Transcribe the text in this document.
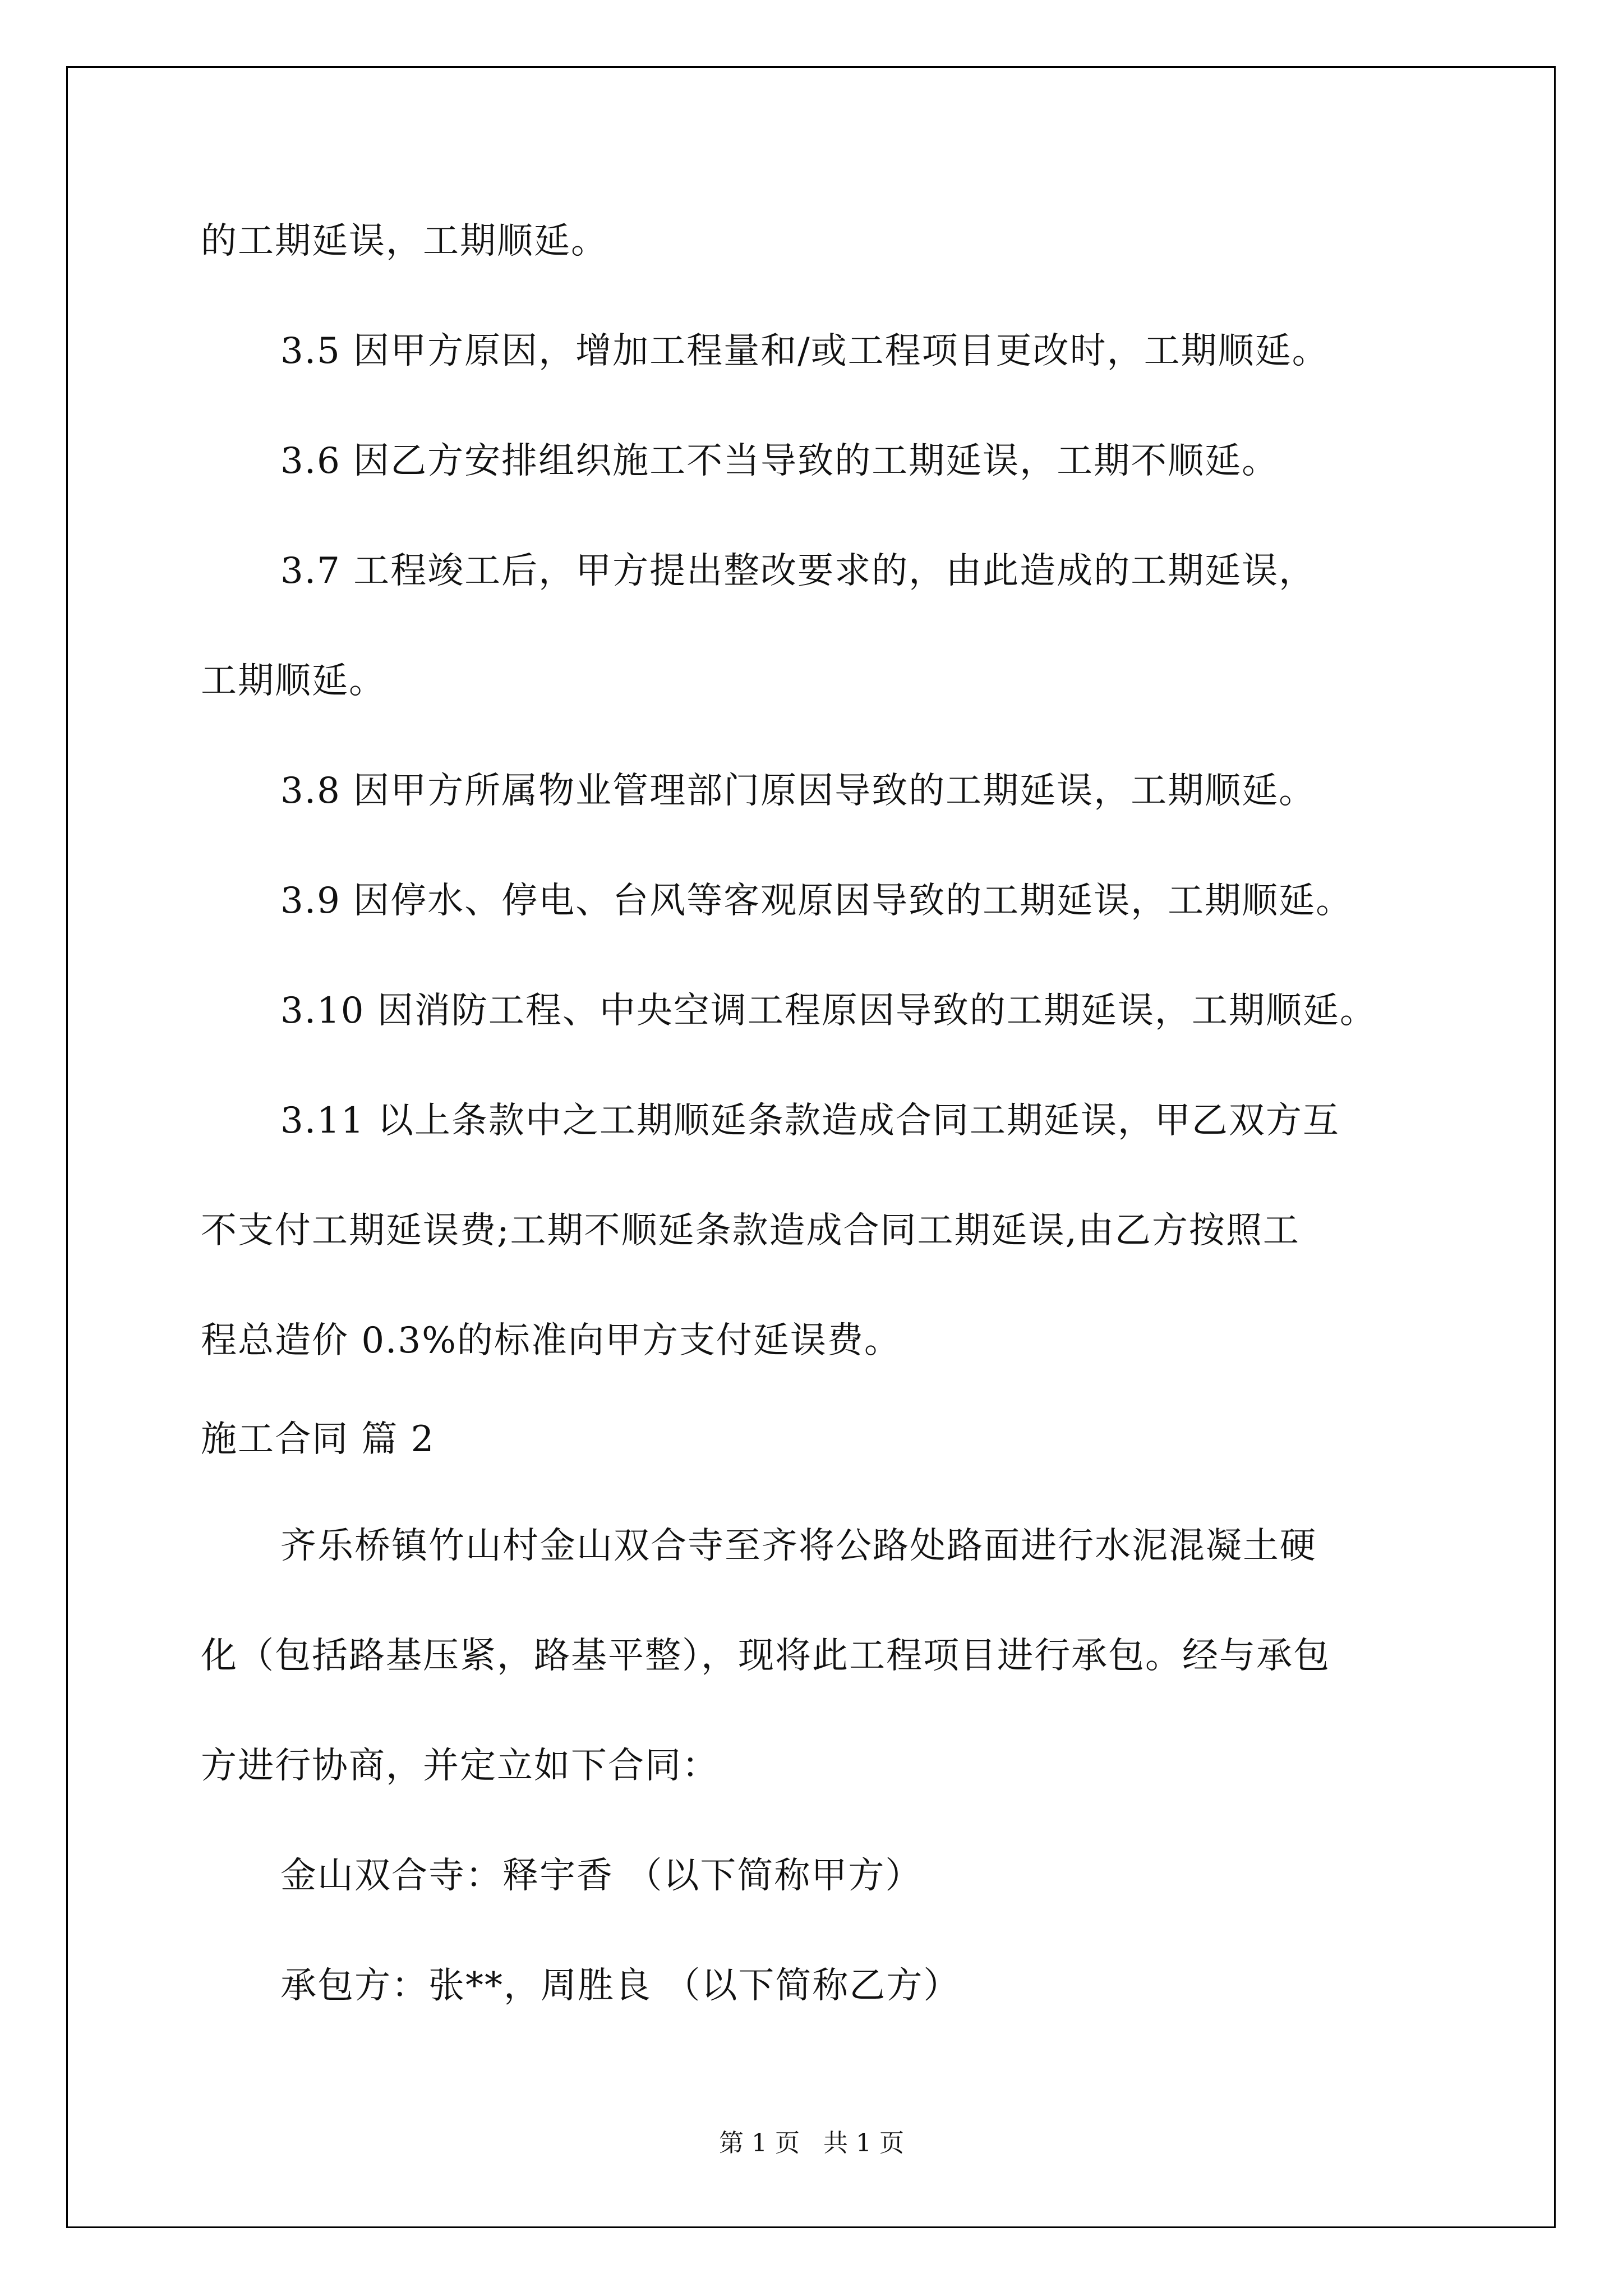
的工期延误，工期顺延。
3.5 因甲方原因，增加工程量和/或工程项目更改时，工期顺延。
3.6 因乙方安排组织施工不当导致的工期延误，工期不顺延。
3.7 工程竣工后，甲方提出整改要求的，由此造成的工期延误，
工期顺延。
3.8 因甲方所属物业管理部门原因导致的工期延误，工期顺延。
3.9 因停水、停电、台风等客观原因导致的工期延误，工期顺延。
3.10 因消防工程、中央空调工程原因导致的工期延误，工期顺延。
3.11 以上条款中之工期顺延条款造成合同工期延误，甲乙双方互
不支付工期延误费;工期不顺延条款造成合同工期延误,由乙方按照工
程总造价 0.3%的标准向甲方支付延误费。
施工合同 篇 2
齐乐桥镇竹山村金山双合寺至齐将公路处路面进行水泥混凝土硬
化（包括路基压紧，路基平整），现将此工程项目进行承包。经与承包
方进行协商，并定立如下合同：
金山双合寺：释宇香 （以下简称甲方）
承包方：张**，周胜良 （以下简称乙方）
第 1 页   共 1 页
